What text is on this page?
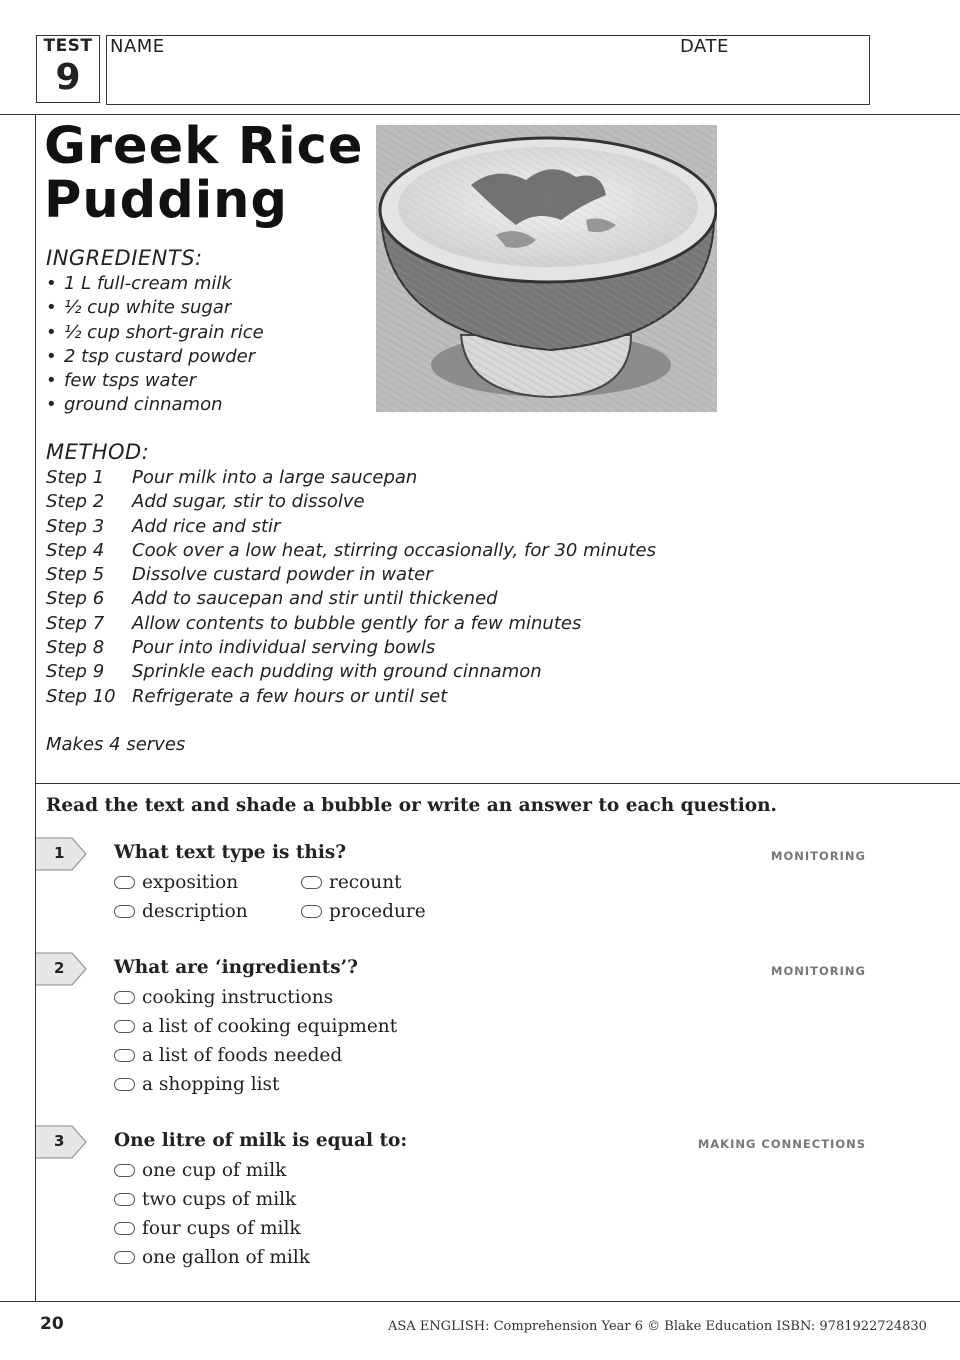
TEST
9
NAME	DATE
Greek Rice
Pudding
INGREDIENTS:
• 1 L full-cream milk
• ½ cup white sugar
• ½ cup short-grain rice
• 2 tsp custard powder
• few tsps water
• ground cinnamon
METHOD:
Step 1 Pour milk into a large saucepan
Step 2 Add sugar, stir to dissolve
Step 3 Add rice and stir
Step 4 Cook over a low heat, stirring occasionally, for 30 minutes
Step 5 Dissolve custard powder in water
Step 6 Add to saucepan and stir until thickened
Step 7 Allow contents to bubble gently for a few minutes
Step 8 Pour into individual serving bowls
Step 9 Sprinkle each pudding with ground cinnamon
Step 10 Refrigerate a few hours or until set
Makes 4 serves
Read the text and shade a bubble or write an answer to each question.
1	What text type is this?	MONITORING
exposition	recount
description	procedure
2	What are ‘ingredients’?	MONITORING
cooking instructions
a list of cooking equipment
a list of foods needed
a shopping list
3	One litre of milk is equal to:	MAKING CONNECTIONS
one cup of milk
two cups of milk
four cups of milk
one gallon of milk
20	ASA ENGLISH: Comprehension Year 6 © Blake Education ISBN: 9781922724830
